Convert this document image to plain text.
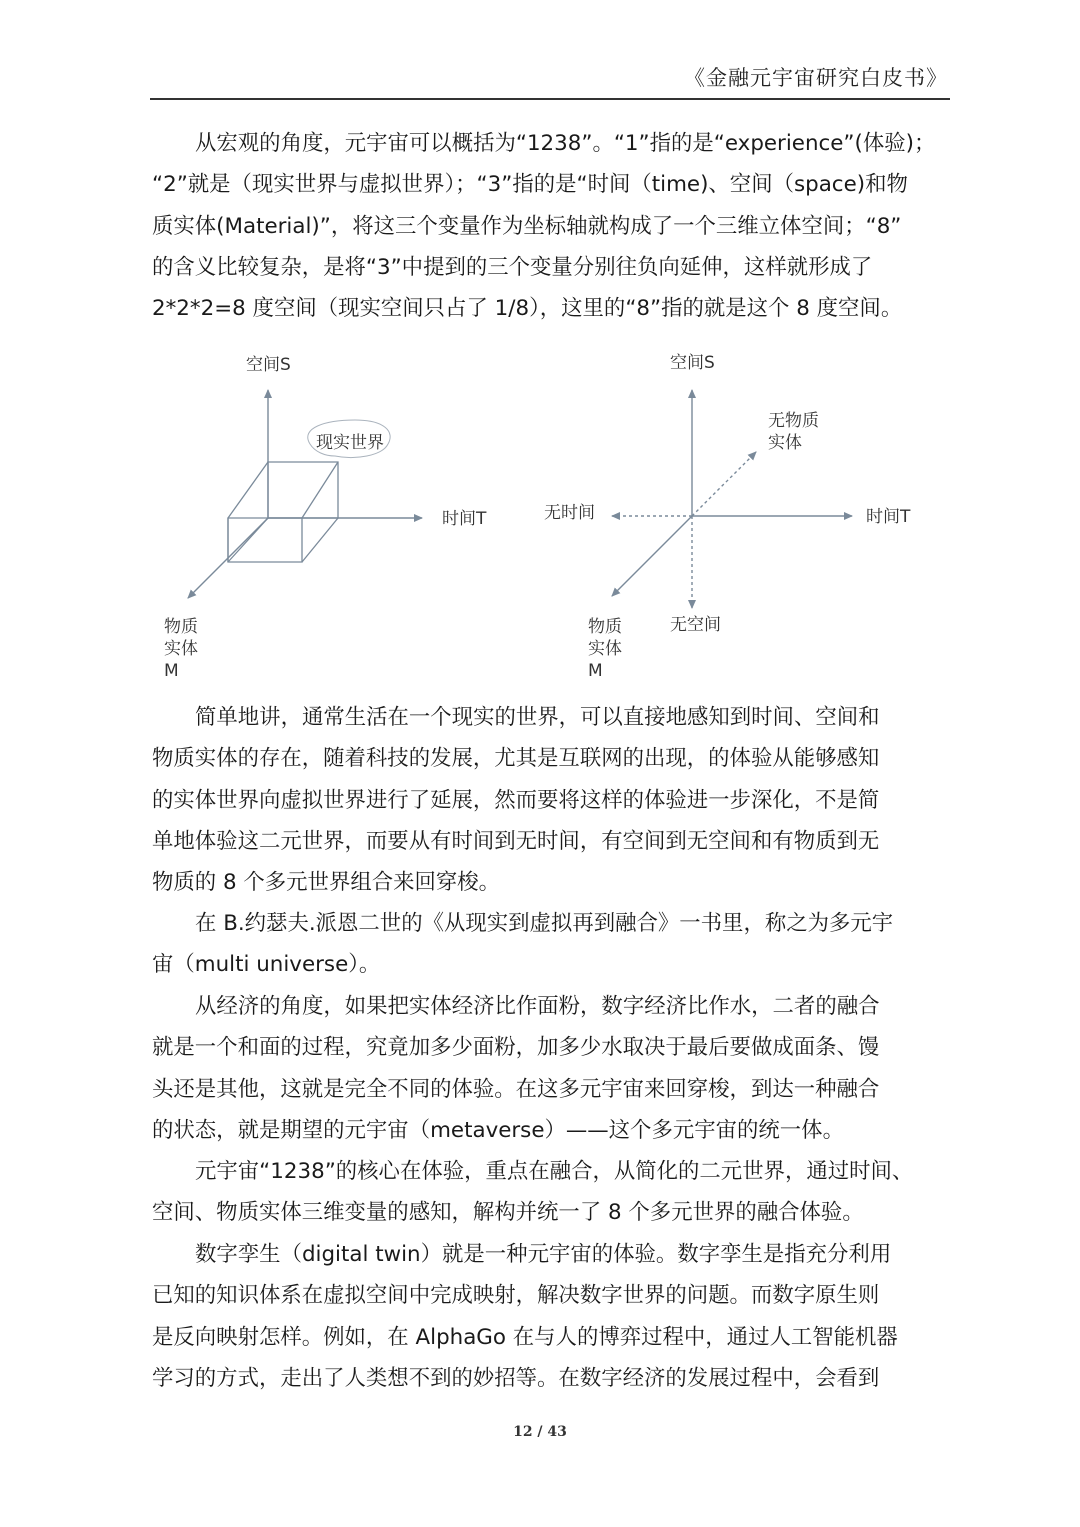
《金融元宇宙研究白皮书》
从宏观的角度，元宇宙可以概括为“1238”。“1”指的是“experience”(体验)；
“2”就是（现实世界与虚拟世界）；“3”指的是“时间（time)、空间（space)和物
质实体(Material)”，将这三个变量作为坐标轴就构成了一个三维立体空间；“8”
的含义比较复杂，是将“3”中提到的三个变量分别往负向延伸，这样就形成了
2*2*2=8 度空间（现实空间只占了 1/8），这里的“8”指的就是这个 8 度空间。
现实世界
空间S
时间T
物质
实体
M
空间S
时间T
无时间
无空间
无物质
实体
物质
实体
M
简单地讲，通常生活在一个现实的世界，可以直接地感知到时间、空间和
物质实体的存在，随着科技的发展，尤其是互联网的出现，的体验从能够感知
的实体世界向虚拟世界进行了延展，然而要将这样的体验进一步深化，不是简
单地体验这二元世界，而要从有时间到无时间，有空间到无空间和有物质到无
物质的 8 个多元世界组合来回穿梭。
在 B.约瑟夫.派恩二世的《从现实到虚拟再到融合》一书里，称之为多元宇
宙（multi universe）。
从经济的角度，如果把实体经济比作面粉，数字经济比作水，二者的融合
就是一个和面的过程，究竟加多少面粉，加多少水取决于最后要做成面条、馒
头还是其他，这就是完全不同的体验。在这多元宇宙来回穿梭，到达一种融合
的状态，就是期望的元宇宙（metaverse）——这个多元宇宙的统一体。
元宇宙“1238”的核心在体验，重点在融合，从简化的二元世界，通过时间、
空间、物质实体三维变量的感知，解构并统一了 8 个多元世界的融合体验。
数字孪生（digital twin）就是一种元宇宙的体验。数字孪生是指充分利用
已知的知识体系在虚拟空间中完成映射，解决数字世界的问题。而数字原生则
是反向映射怎样。例如，在 AlphaGo 在与人的博弈过程中，通过人工智能机器
学习的方式，走出了人类想不到的妙招等。在数字经济的发展过程中，会看到
12 / 43
